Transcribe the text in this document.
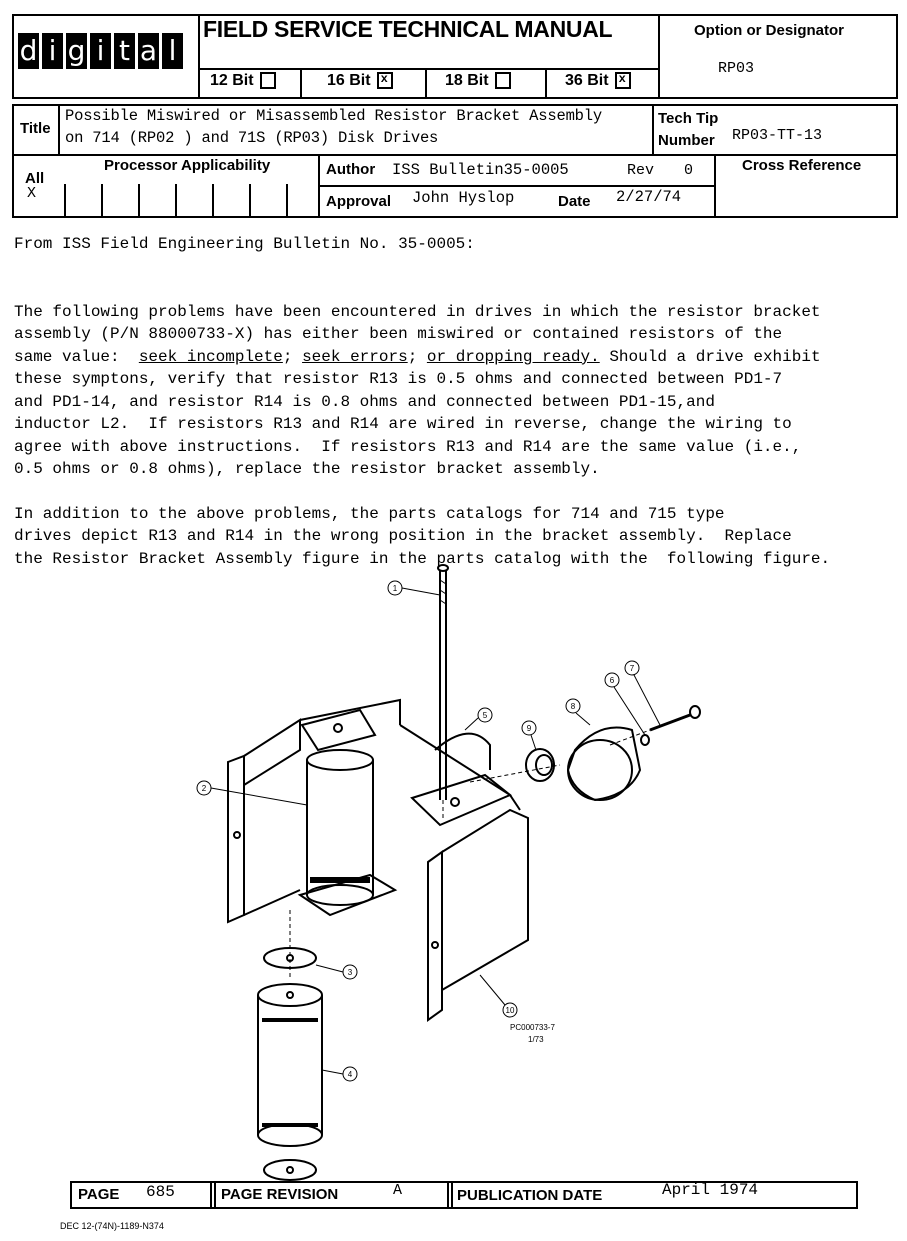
d i g i t a l
FIELD SERVICE TECHNICAL MANUAL
12 Bit	16 Bit x	18 Bit	36 Bit x
Option or Designator
RP03
Title
Possible Miswired or Misassembled Resistor Bracket Assembly
on 714 (RP02 ) and 71S (RP03) Disk Drives
Tech Tip
Number RP03-TT-13
All
X
Processor Applicability	Author ISS Bulletin35-0005	Rev 0
Approval John Hyslop	Date 2/27/74
Cross Reference
From ISS Field Engineering Bulletin No. 35-0005:

The following problems have been encountered in drives in which the resistor bracket
assembly (P/N 88000733-X) has either been miswired or contained resistors of the
same value:  seek incomplete; seek errors; or dropping ready. Should a drive exhibit
these symptons, verify that resistor R13 is 0.5 ohms and connected between PD1-7
and PD1-14, and resistor R14 is 0.8 ohms and connected between PD1-15,and
inductor L2.  If resistors R13 and R14 are wired in reverse, change the wiring to
agree with above instructions.  If resistors R13 and R14 are the same value (i.e.,
0.5 ohms or 0.8 ohms), replace the resistor bracket assembly.

In addition to the above problems, the parts catalogs for 714 and 715 type
drives depict R13 and R14 in the wrong position in the bracket assembly.  Replace
the Resistor Bracket Assembly figure in the parts catalog with the  following figure.

1
2
3
4
5
6
7
8
9
10
PC000733-7
1/73
PAGE 685	PAGE REVISION	A	PUBLICATION DATE	April 1974
DEC 12-(74N)-1189-N374
